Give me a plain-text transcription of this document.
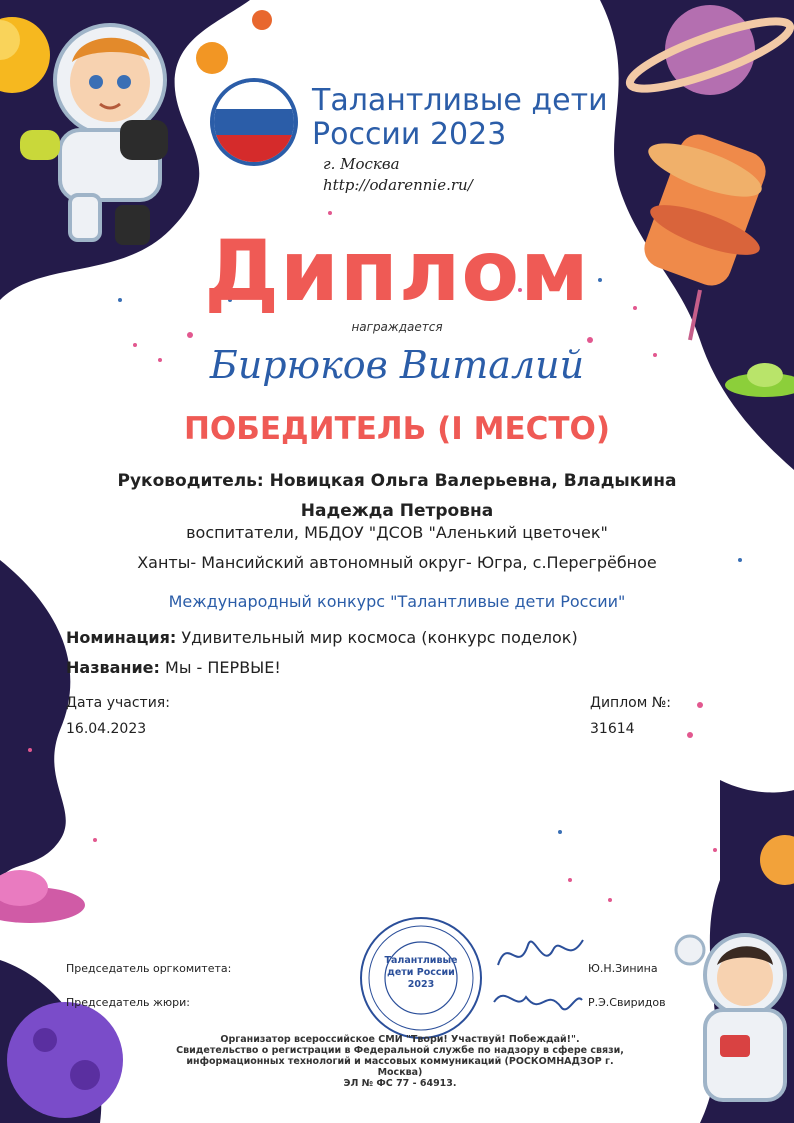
Талантливые дети
России 2023
г. Москва
http://odarennie.ru/
Диплом
награждается
Бирюков Виталий
ПОБЕДИТЕЛЬ (I МЕСТО)
Руководитель: Новицкая Ольга Валерьевна, Владыкина Надежда Петровна
воспитатели, МБДОУ "ДСОВ "Аленький цветочек"
Ханты- Мансийский автономный округ- Югра, с.Перегрёбное
Международный конкурс "Талантливые дети России"
Номинация: Удивительный мир космоса (конкурс поделок)
Название: Мы - ПЕРВЫЕ!
Дата участия:
16.04.2023
Диплом №:
31614
Председатель оргкомитета:	Ю.Н.Зинина
Председатель жюри:	Р.Э.Свиридов
Талантливые
дети России
2023
Организатор всероссийское СМИ "Твори! Участвуй! Побеждай!".
Свидетельство о регистрации в Федеральной службе по надзору в сфере связи,
информационных технологий и массовых коммуникаций (РОСКОМНАДЗОР г. Москва)
ЭЛ № ФС 77 - 64913.
